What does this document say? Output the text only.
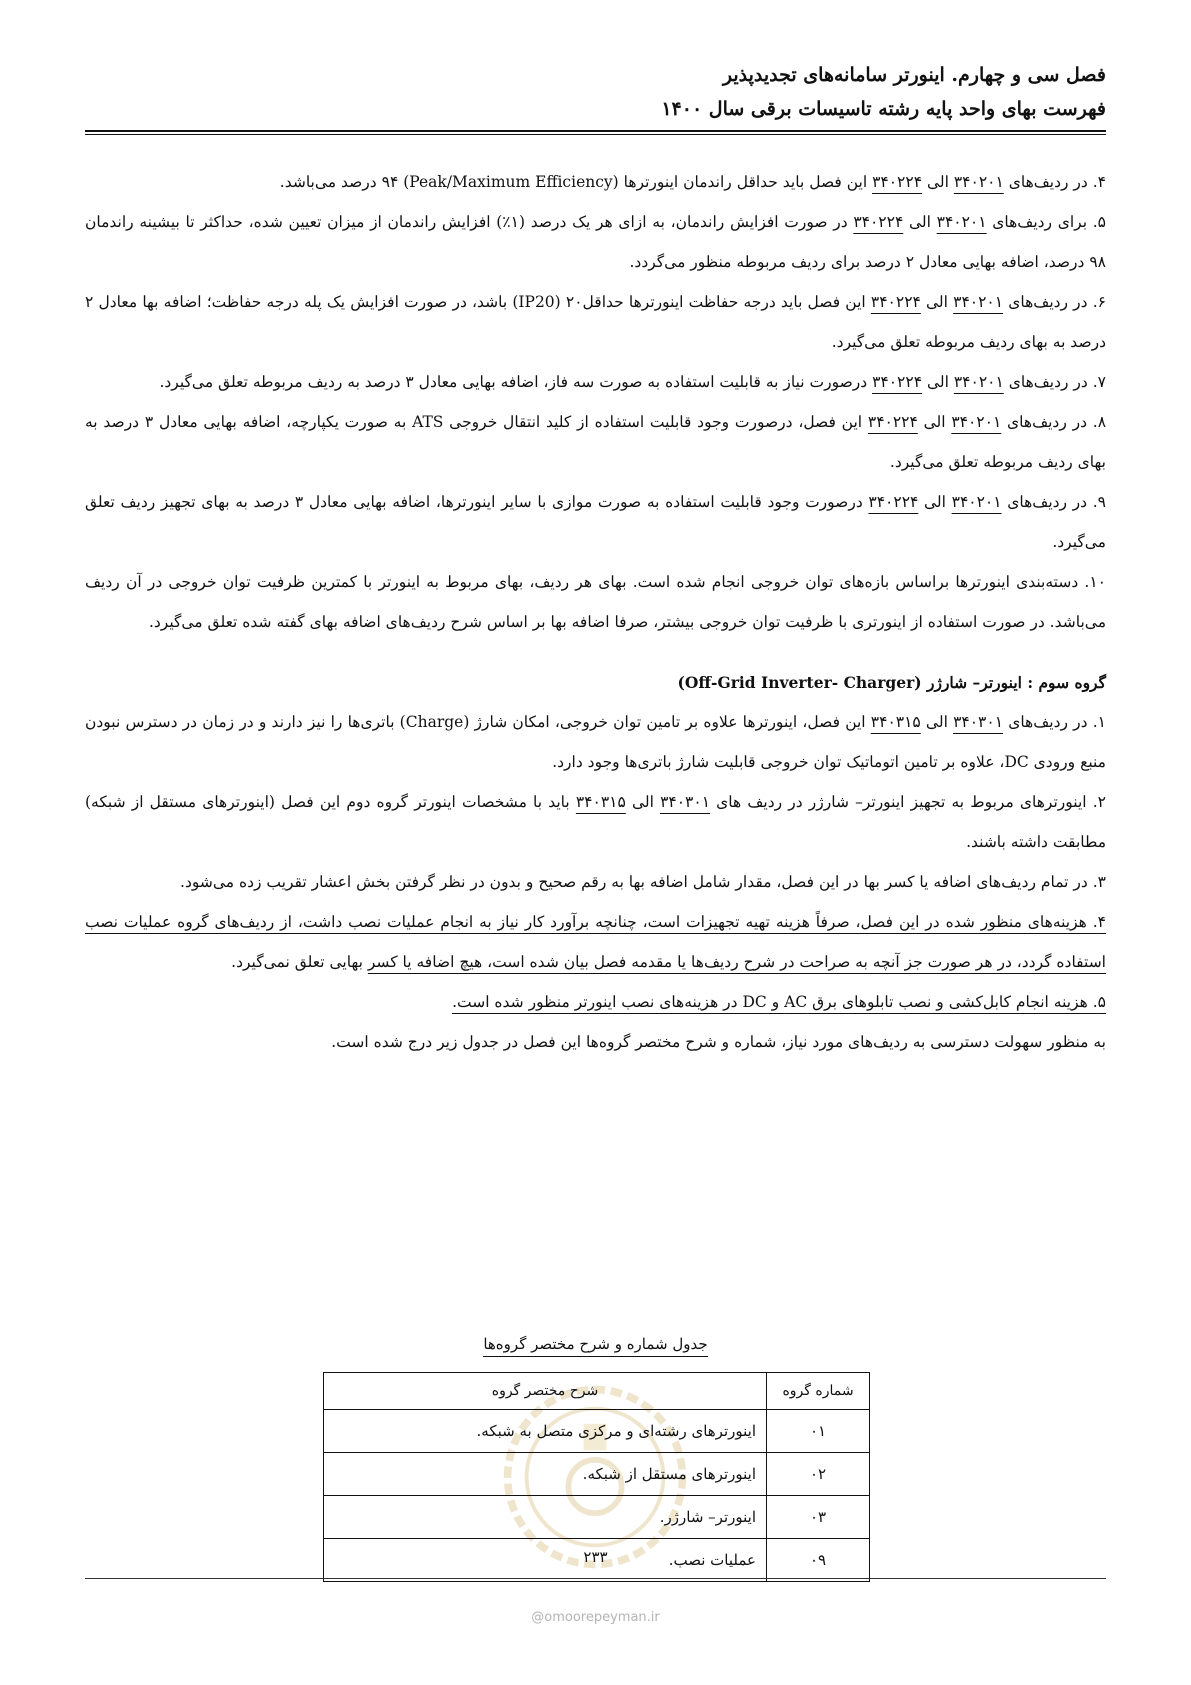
فصل سی و چهارم. اینورتر سامانه‌های تجدیدپذیر
فهرست بهای واحد پایه رشته تاسیسات برقی سال ۱۴۰۰

۴. در ردیف‌های ۳۴۰۲۰۱ الی ۳۴۰۲۲۴ این فصل باید حداقل راندمان اینورترها (Peak/Maximum Efficiency) ۹۴ درصد می‌باشد.

۵. برای ردیف‌های ۳۴۰۲۰۱ الی ۳۴۰۲۲۴ در صورت افزایش راندمان، به ازای هر یک درصد (۱٪) افزایش راندمان از میزان تعیین شده، حداکثر تا بیشینه راندمان ۹۸ درصد، اضافه بهایی معادل ۲ درصد برای ردیف مربوطه منظور می‌گردد.

۶. در ردیف‌های ۳۴۰۲۰۱ الی ۳۴۰۲۲۴ این فصل باید درجه حفاظت اینورترها حداقل۲۰ (IP20) باشد، در صورت افزایش یک پله درجه حفاظت؛ اضافه بها معادل ۲ درصد به بهای ردیف مربوطه تعلق می‌گیرد.

۷. در ردیف‌های ۳۴۰۲۰۱ الی ۳۴۰۲۲۴ درصورت نیاز به قابلیت استفاده به صورت سه فاز، اضافه بهایی معادل ۳ درصد به ردیف مربوطه تعلق می‌گیرد.

۸. در ردیف‌های ۳۴۰۲۰۱ الی ۳۴۰۲۲۴ این فصل، درصورت وجود قابلیت استفاده از کلید انتقال خروجی ATS به صورت یکپارچه، اضافه بهایی معادل ۳ درصد به بهای ردیف مربوطه تعلق می‌گیرد.

۹. در ردیف‌های ۳۴۰۲۰۱ الی ۳۴۰۲۲۴ درصورت وجود قابلیت استفاده به صورت موازی با سایر اینورترها، اضافه بهایی معادل ۳ درصد به بهای تجهیز ردیف تعلق می‌گیرد.

۱۰. دسته‌بندی اینورترها براساس بازه‌های توان خروجی انجام شده است. بهای هر ردیف، بهای مربوط به اینورتر با کمترین ظرفیت توان خروجی در آن ردیف می‌باشد. در صورت استفاده از اینورتری با ظرفیت توان خروجی بیشتر، صرفا اضافه بها بر اساس شرح ردیف‌های اضافه بهای گفته شده تعلق می‌گیرد.

گروه سوم : اینورتر– شارژر (Off-Grid Inverter- Charger)

۱. در ردیف‌های ۳۴۰۳۰۱ الی ۳۴۰۳۱۵ این فصل، اینورترها علاوه بر تامین توان خروجی، امکان شارژ (Charge) باتری‌ها را نیز دارند و در زمان در دسترس نبودن منبع ورودی DC، علاوه بر تامین اتوماتیک توان خروجی قابلیت شارژ باتری‌ها وجود دارد.

۲. اینورترهای مربوط به تجهیز اینورتر– شارژر در ردیف های ۳۴۰۳۰۱ الی ۳۴۰۳۱۵ باید با مشخصات اینورتر گروه دوم این فصل (اینورترهای مستقل از شبکه) مطابقت داشته باشند.

۳. در تمام ردیف‌های اضافه یا کسر بها در این فصل، مقدار شامل اضافه بها به رقم صحیح و بدون در نظر گرفتن بخش اعشار تقریب زده می‌شود.

۴. هزینه‌های منظور شده در این فصل، صرفاً هزینه تهیه تجهیزات است، چنانچه برآورد کار نیاز به انجام عملیات نصب داشت، از ردیف‌های گروه عملیات نصب استفاده گردد، در هر صورت جز آنچه به صراحت در شرح ردیف‌ها یا مقدمه فصل بیان شده است، هیچ اضافه یا کسر بهایی تعلق نمی‌گیرد.

۵. هزینه انجام کابل‌کشی و نصب تابلوهای برق AC و DC در هزینه‌های نصب اینورتر منظور شده است.

به منظور سهولت دسترسی به ردیف‌های مورد نیاز، شماره و شرح مختصر گروه‌ها این فصل در جدول زیر درج شده است.

جدول شماره و شرح مختصر گروه‌ها
شماره گروه	شرح مختصر گروه
۰۱	اینورترهای رشته‌ای و مرکزی متصل به شبکه.
۰۲	اینورترهای مستقل از شبکه.
۰۳	اینورتر– شارژر.
۰۹	عملیات نصب.
۲۳۳
@omoorepeyman.ir
